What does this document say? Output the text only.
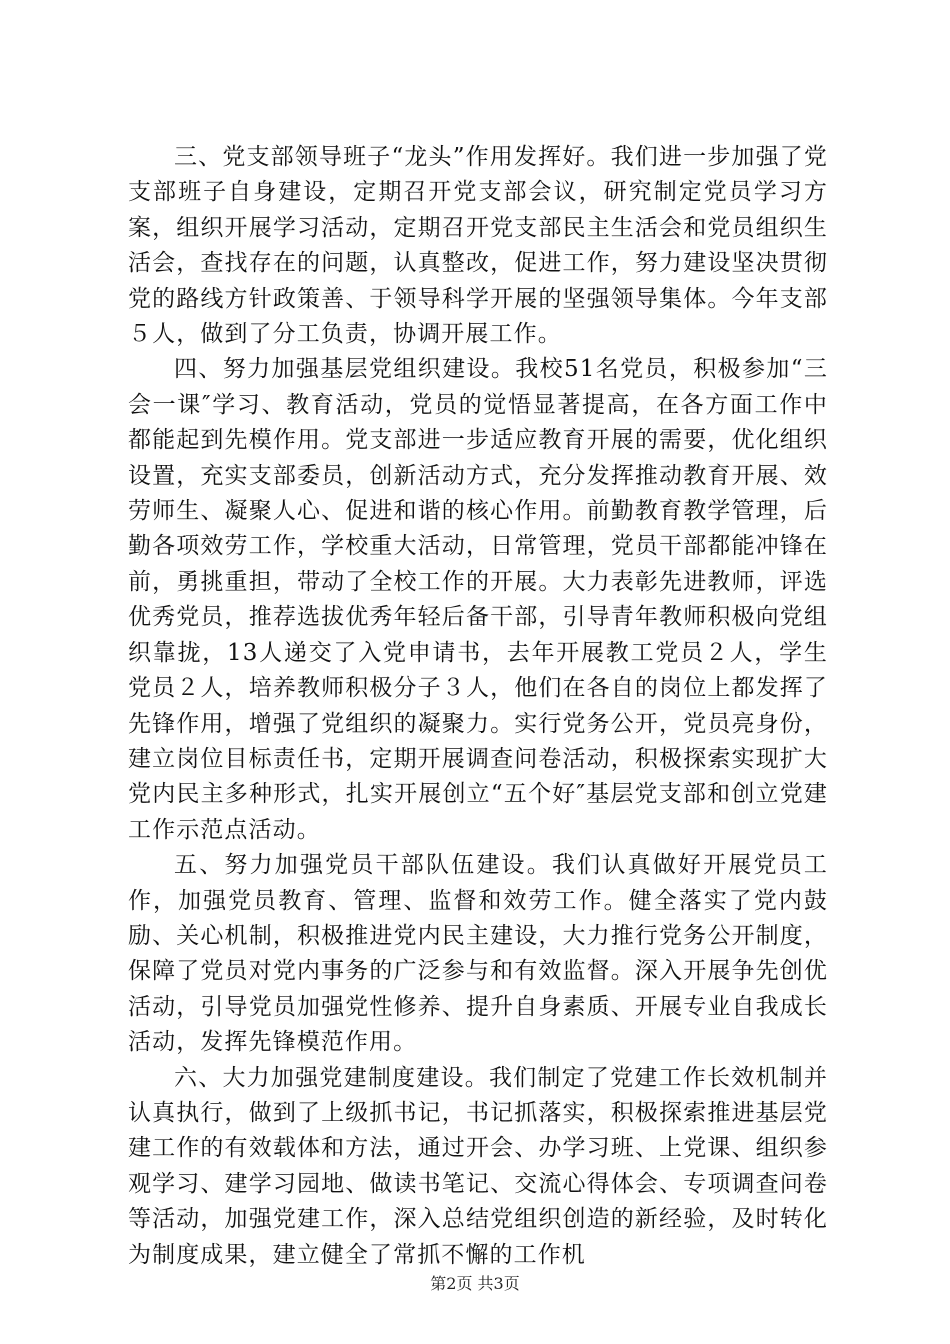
三、党支部领导班子“龙头”作用发挥好。我们进一步加强了党支部班子自身建设，定期召开党支部会议，研究制定党员学习方案，组织开展学习活动，定期召开党支部民主生活会和党员组织生活会，查找存在的问题，认真整改，促进工作，努力建设坚决贯彻党的路线方针政策善、于领导科学开展的坚强领导集体。今年支部５人，做到了分工负责，协调开展工作。

四、努力加强基层党组织建设。我校51名党员，积极参加“三会一课″学习、教育活动，党员的觉悟显著提高，在各方面工作中都能起到先模作用。党支部进一步适应教育开展的需要，优化组织设置，充实支部委员，创新活动方式，充分发挥推动教育开展、效劳师生、凝聚人心、促进和谐的核心作用。前勤教育教学管理，后勤各项效劳工作，学校重大活动，日常管理，党员干部都能冲锋在前，勇挑重担，带动了全校工作的开展。大力表彰先进教师，评选优秀党员，推荐选拔优秀年轻后备干部，引导青年教师积极向党组织靠拢，13人递交了入党申请书，去年开展教工党员２人，学生党员２人，培养教师积极分子３人，他们在各自的岗位上都发挥了先锋作用，增强了党组织的凝聚力。实行党务公开，党员亮身份，建立岗位目标责任书，定期开展调查问卷活动，积极探索实现扩大党内民主多种形式，扎实开展创立“五个好″基层党支部和创立党建工作示范点活动。

五、努力加强党员干部队伍建设。我们认真做好开展党员工作，加强党员教育、管理、监督和效劳工作。健全落实了党内鼓励、关心机制，积极推进党内民主建设，大力推行党务公开制度，保障了党员对党内事务的广泛参与和有效监督。深入开展争先创优活动，引导党员加强党性修养、提升自身素质、开展专业自我成长活动，发挥先锋模范作用。

六、大力加强党建制度建设。我们制定了党建工作长效机制并认真执行，做到了上级抓书记，书记抓落实，积极探索推进基层党建工作的有效载体和方法，通过开会、办学习班、上党课、组织参观学习、建学习园地、做读书笔记、交流心得体会、专项调查问卷等活动，加强党建工作，深入总结党组织创造的新经验，及时转化为制度成果，建立健全了常抓不懈的工作机

第2页 共3页
